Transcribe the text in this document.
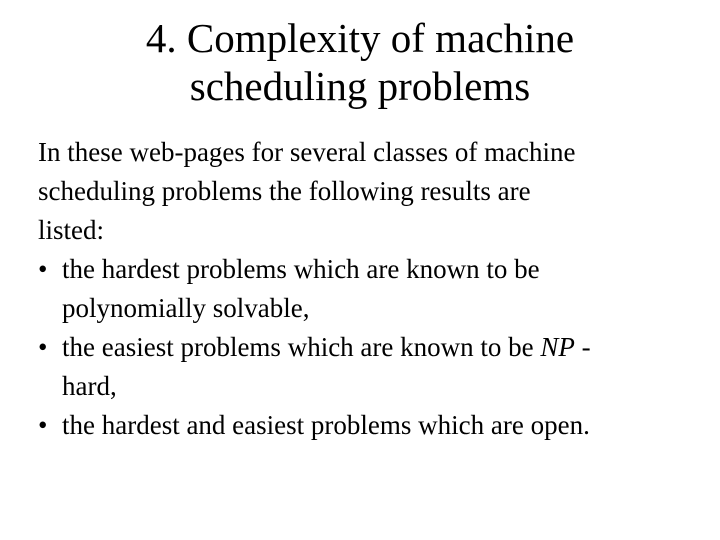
4. Complexity of machine
scheduling problems
In these web-pages for several classes of machine
scheduling problems the following results are
listed:
• the hardest problems which are known to be
polynomially solvable,
• the easiest problems which are known to be NP -
hard,
• the hardest and easiest problems which are open.
